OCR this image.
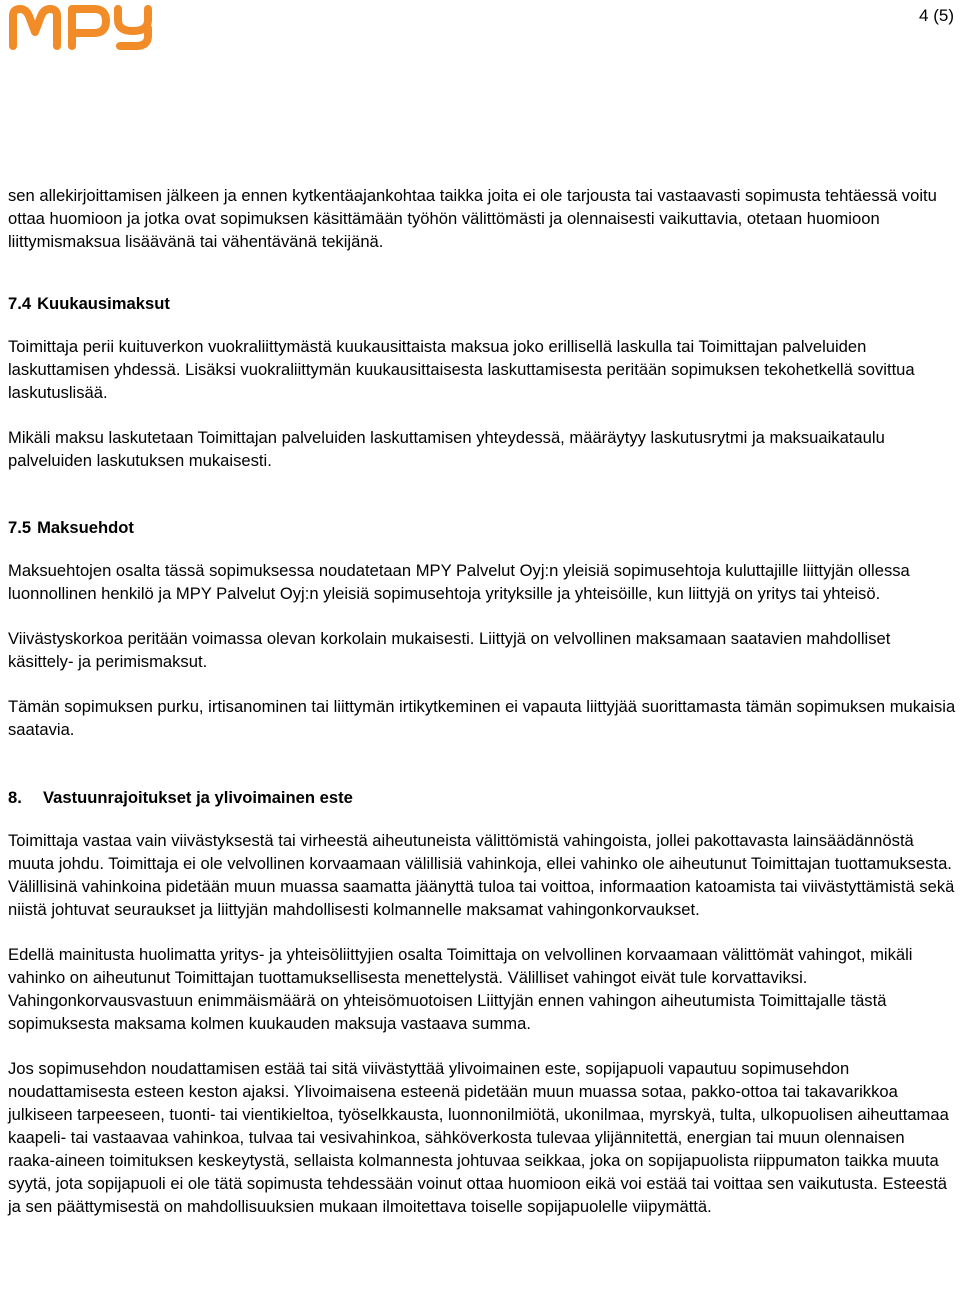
4 (5)

sen allekirjoittamisen jälkeen ja ennen kytkentäajankohtaa taikka joita ei ole tarjousta tai vastaavasti sopimusta tehtäessä voitu ottaa huomioon ja jotka ovat sopimuksen käsittämään työhön välittömästi ja olennaisesti vaikuttavia, otetaan huomioon liittymismaksua lisäävänä tai vähentävänä tekijänä.

7.4 Kuukausimaksut

Toimittaja perii kuituverkon vuokraliittymästä kuukausittaista maksua joko erillisellä laskulla tai Toimittajan palveluiden laskuttamisen yhdessä. Lisäksi vuokraliittymän kuukausittaisesta laskuttamisesta peritään sopimuksen tekohetkellä sovittua laskutuslisää.

Mikäli maksu laskutetaan Toimittajan palveluiden laskuttamisen yhteydessä, määräytyy laskutusrytmi ja maksuaikataulu palveluiden laskutuksen mukaisesti.

7.5 Maksuehdot

Maksuehtojen osalta tässä sopimuksessa noudatetaan MPY Palvelut Oyj:n yleisiä sopimusehtoja kuluttajille liittyjän ollessa luonnollinen henkilö ja MPY Palvelut Oyj:n yleisiä sopimusehtoja yrityksille ja yhteisöille, kun liittyjä on yritys tai yhteisö.

Viivästyskorkoa peritään voimassa olevan korkolain mukaisesti. Liittyjä on velvollinen maksamaan saatavien mahdolliset käsittely- ja perimismaksut.

Tämän sopimuksen purku, irtisanominen tai liittymän irtikytkeminen ei vapauta liittyjää suorittamasta tämän sopimuksen mukaisia saatavia.

8. Vastuunrajoitukset ja ylivoimainen este

Toimittaja vastaa vain viivästyksestä tai virheestä aiheutuneista välittömistä vahingoista, jollei pakottavasta lainsäädännöstä muuta johdu. Toimittaja ei ole velvollinen korvaamaan välillisiä vahinkoja, ellei vahinko ole aiheutunut Toimittajan tuottamuksesta. Välillisinä vahinkoina pidetään muun muassa saamatta jäänyttä tuloa tai voittoa, informaation katoamista tai viivästyttämistä sekä niistä johtuvat seuraukset ja liittyjän mahdollisesti kolmannelle maksamat vahingonkorvaukset.

Edellä mainitusta huolimatta yritys- ja yhteisöliittyjien osalta Toimittaja on velvollinen korvaamaan välittömät vahingot, mikäli vahinko on aiheutunut Toimittajan tuottamuksellisesta menettelystä. Välilliset vahingot eivät tule korvattaviksi. Vahingonkorvausvastuun enimmäismäärä on yhteisömuotoisen Liittyjän ennen vahingon aiheutumista Toimittajalle tästä sopimuksesta maksama kolmen kuukauden maksuja vastaava summa.

Jos sopimusehdon noudattamisen estää tai sitä viivästyttää ylivoimainen este, sopijapuoli vapautuu sopimusehdon noudattamisesta esteen keston ajaksi. Ylivoimaisena esteenä pidetään muun muassa sotaa, pakko-ottoa tai takavarikkoa julkiseen tarpeeseen, tuonti- tai vientikieltoa, työselkkausta, luonnonilmiötä, ukonilmaa, myrskyä, tulta, ulkopuolisen aiheuttamaa kaapeli- tai vastaavaa vahinkoa, tulvaa tai vesivahinkoa, sähköverkosta tulevaa ylijännitettä, energian tai muun olennaisen raaka-aineen toimituksen keskeytystä, sellaista kolmannesta johtuvaa seikkaa, joka on sopijapuolista riippumaton taikka muuta syytä, jota sopijapuoli ei ole tätä sopimusta tehdessään voinut ottaa huomioon eikä voi estää tai voittaa sen vaikutusta. Esteestä ja sen päättymisestä on mahdollisuuksien mukaan ilmoitettava toiselle sopijapuolelle viipymättä.
